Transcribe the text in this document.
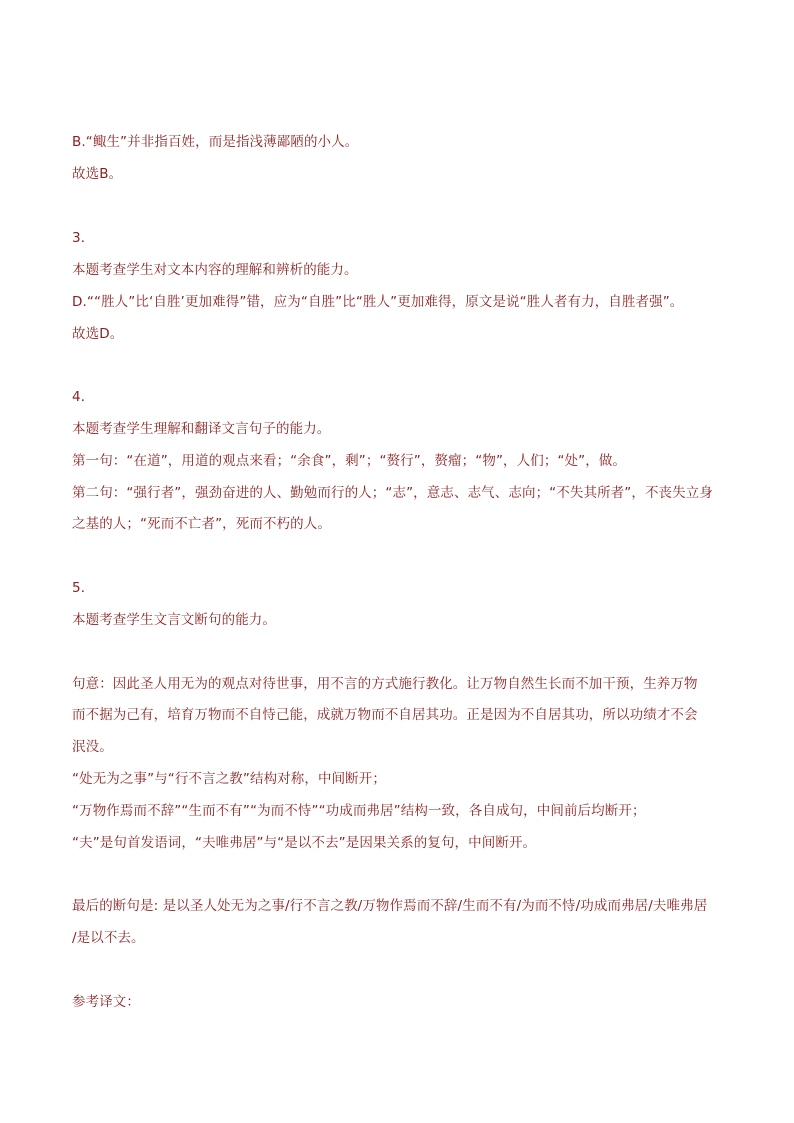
B.“鲰生”并非指百姓，而是指浅薄鄙陋的小人。
故选B。
3．
本题考查学生对文本内容的理解和辨析的能力。
D.““胜人”比‘自胜’更加难得”错，应为“自胜”比“胜人”更加难得，原文是说“胜人者有力，自胜者强”。
故选D。
4．
本题考查学生理解和翻译文言句子的能力。
第一句：“在道”，用道的观点来看；“余食”，剩”；“赘行”，赘瘤；“物”，人们；“处”，做。
第二句：“强行者”，强劲奋进的人、勤勉而行的人；“志”，意志、志气、志向；“不失其所者”，不丧失立身
之基的人；“死而不亡者”，死而不朽的人。
5．
本题考查学生文言文断句的能力。
句意：因此圣人用无为的观点对待世事，用不言的方式施行教化。让万物自然生长而不加干预，生养万物
而不据为己有，培育万物而不自恃己能，成就万物而不自居其功。正是因为不自居其功，所以功绩才不会
泯没。
“处无为之事”与“行不言之教”结构对称，中间断开；
“万物作焉而不辞”“生而不有”“为而不恃”“功成而弗居”结构一致，各自成句，中间前后均断开；
“夫”是句首发语词，“夫唯弗居”与“是以不去”是因果关系的复句，中间断开。
最后的断句是: 是以圣人处无为之事/行不言之教/万物作焉而不辞/生而不有/为而不恃/功成而弗居/夫唯弗居
/是以不去。
参考译文：
